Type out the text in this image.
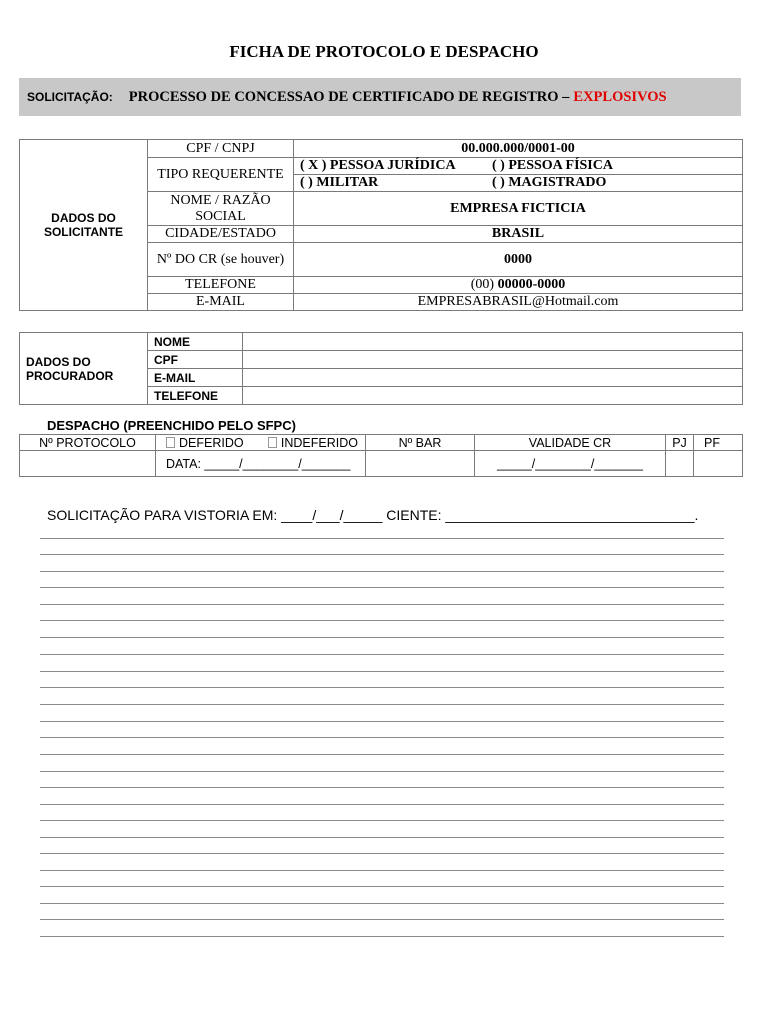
FICHA DE PROTOCOLO E DESPACHO
SOLICITAÇÃO: PROCESSO DE CONCESSAO DE CERTIFICADO DE REGISTRO – EXPLOSIVOS
DADOS DO SOLICITANTE	CPF / CNPJ	00.000.000/0001-00
	TIPO REQUERENTE	( X ) PESSOA JURÍDICA ( ) PESSOA FÍSICA

		( ) MILITAR ( ) MAGISTRADO

	NOME / RAZÃO SOCIAL	EMPRESA FICTICIA
	CIDADE/ESTADO	BRASIL
	Nº DO CR (se houver)	0000
	TELEFONE	(00) 00000-0000
	E-MAIL	EMPRESABRASIL@Hotmail.com
DADOS DO PROCURADOR	NOME	
	CPF	
	E-MAIL	
	TELEFONE	
DESPACHO (PREENCHIDO PELO SFPC)
Nº PROTOCOLO	DEFERIDO INDEFERIDO	Nº BAR	VALIDADE CR	PJ	PF
	DATA: _____/________/_______		_____/________/_______		
SOLICITAÇÃO PARA VISTORIA EM: ____/___/_____ CIENTE: ________________________________.
